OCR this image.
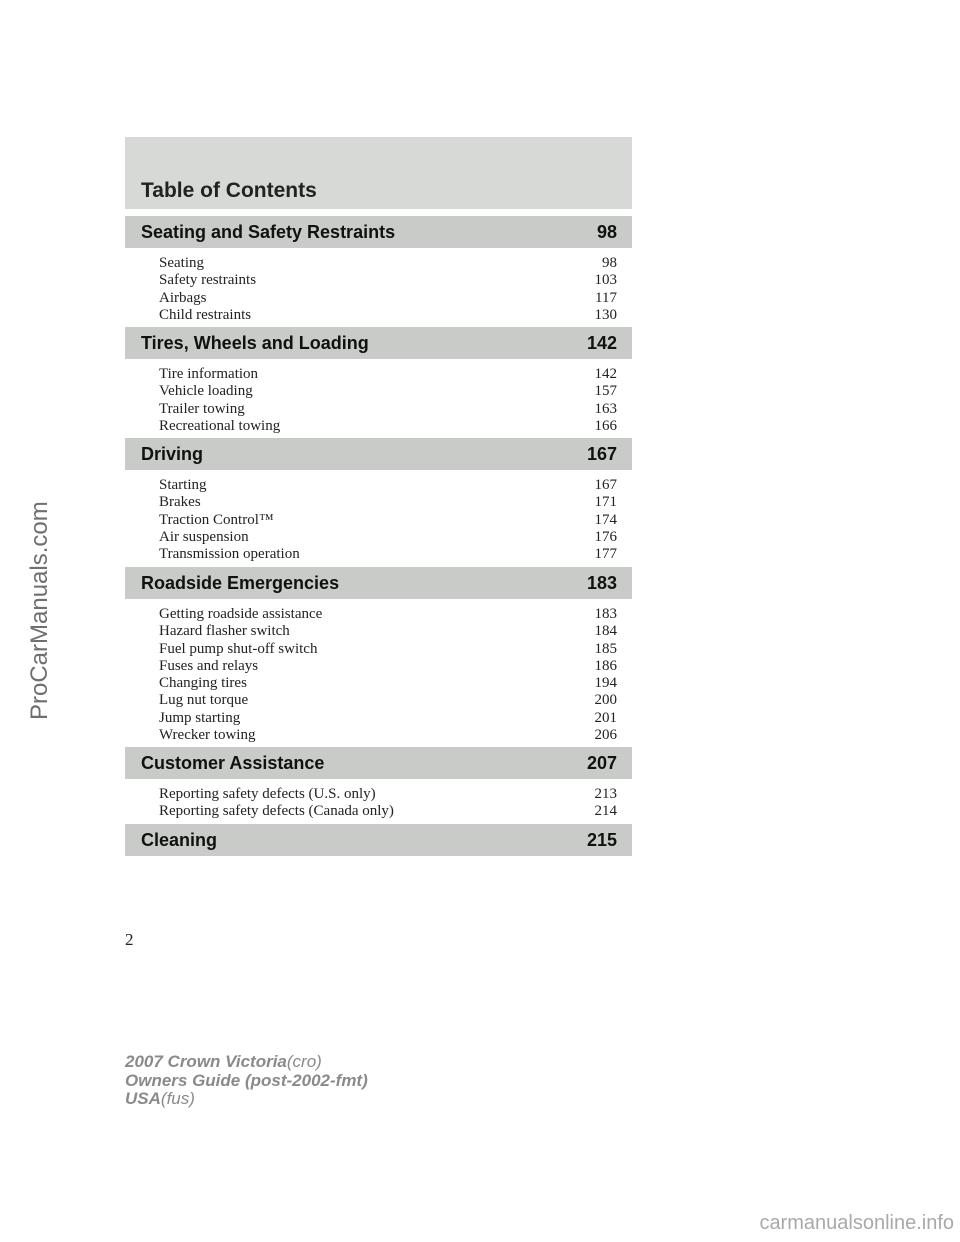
Table of Contents
Seating and Safety Restraints	98
Seating	98
Safety restraints	103
Airbags	117
Child restraints	130
Tires, Wheels and Loading	142
Tire information	142
Vehicle loading	157
Trailer towing	163
Recreational towing	166
Driving	167
Starting	167
Brakes	171
Traction Control™	174
Air suspension	176
Transmission operation	177
Roadside Emergencies	183
Getting roadside assistance	183
Hazard flasher switch	184
Fuel pump shut-off switch	185
Fuses and relays	186
Changing tires	194
Lug nut torque	200
Jump starting	201
Wrecker towing	206
Customer Assistance	207
Reporting safety defects (U.S. only)	213
Reporting safety defects (Canada only)	214
Cleaning	215
2
2007 Crown Victoria(cro)
Owners Guide (post-2002-fmt)
USA(fus)
ProCarManuals.com
carmanualsonline.info
